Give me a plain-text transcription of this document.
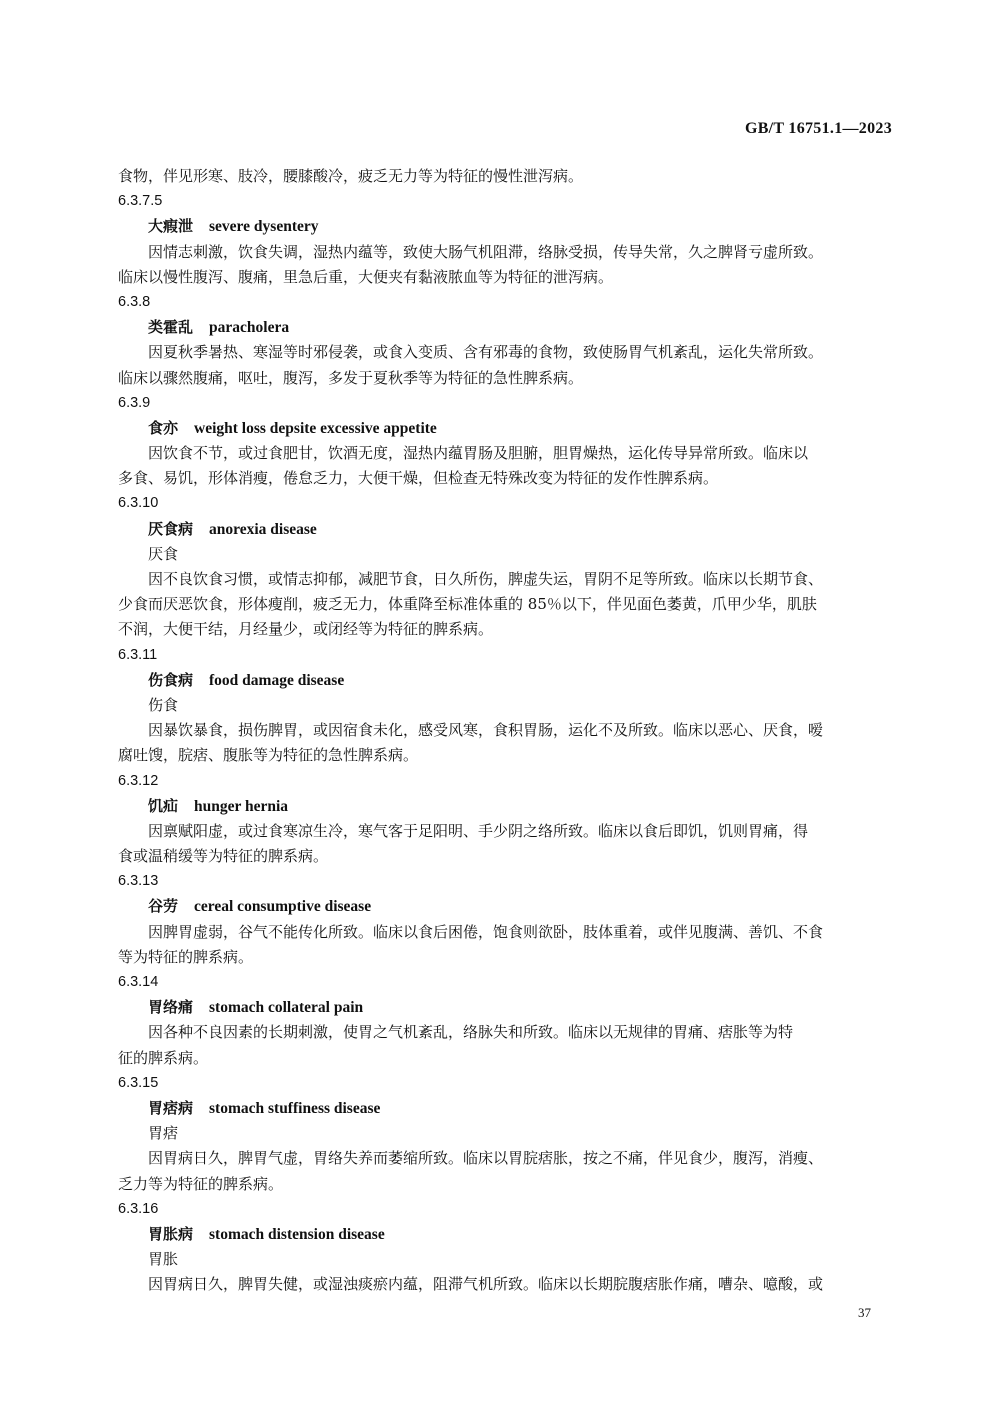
GB/T 16751.1—2023
食物，伴见形寒、肢冷，腰膝酸冷，疲乏无力等为特征的慢性泄泻病。
6.3.7.5
大瘕泄 severe dysentery
因情志刺激，饮食失调，湿热内蕴等，致使大肠气机阻滞，络脉受损，传导失常，久之脾肾亏虚所致。
临床以慢性腹泻、腹痛，里急后重，大便夹有黏液脓血等为特征的泄泻病。
6.3.8
类霍乱 paracholera
因夏秋季暑热、寒湿等时邪侵袭，或食入变质、含有邪毒的食物，致使肠胃气机紊乱，运化失常所致。
临床以骤然腹痛，呕吐，腹泻，多发于夏秋季等为特征的急性脾系病。
6.3.9
食亦 weight loss depsite excessive appetite
因饮食不节，或过食肥甘，饮酒无度，湿热内蕴胃肠及胆腑，胆胃燥热，运化传导异常所致。临床以
多食、易饥，形体消瘦，倦怠乏力，大便干燥，但检查无特殊改变为特征的发作性脾系病。
6.3.10
厌食病 anorexia disease
厌食
因不良饮食习惯，或情志抑郁，减肥节食，日久所伤，脾虚失运，胃阴不足等所致。临床以长期节食、
少食而厌恶饮食，形体瘦削，疲乏无力，体重降至标准体重的 85％以下，伴见面色萎黄，爪甲少华，肌肤
不润，大便干结，月经量少，或闭经等为特征的脾系病。
6.3.11
伤食病 food damage disease
伤食
因暴饮暴食，损伤脾胃，或因宿食未化，感受风寒，食积胃肠，运化不及所致。临床以恶心、厌食，嗳
腐吐馊，脘痞、腹胀等为特征的急性脾系病。
6.3.12
饥疝 hunger hernia
因禀赋阳虚，或过食寒凉生冷，寒气客于足阳明、手少阴之络所致。临床以食后即饥，饥则胃痛，得
食或温稍缓等为特征的脾系病。
6.3.13
谷劳 cereal consumptive disease
因脾胃虚弱，谷气不能传化所致。临床以食后困倦，饱食则欲卧，肢体重着，或伴见腹满、善饥、不食
等为特征的脾系病。
6.3.14
胃络痛 stomach collateral pain
因各种不良因素的长期刺激，使胃之气机紊乱，络脉失和所致。临床以无规律的胃痛、痞胀等为特
征的脾系病。
6.3.15
胃痞病 stomach stuffiness disease
胃痞
因胃病日久，脾胃气虚，胃络失养而萎缩所致。临床以胃脘痞胀，按之不痛，伴见食少，腹泻，消瘦、
乏力等为特征的脾系病。
6.3.16
胃胀病 stomach distension disease
胃胀
因胃病日久，脾胃失健，或湿浊痰瘀内蕴，阻滞气机所致。临床以长期脘腹痞胀作痛，嘈杂、噫酸，或
37
